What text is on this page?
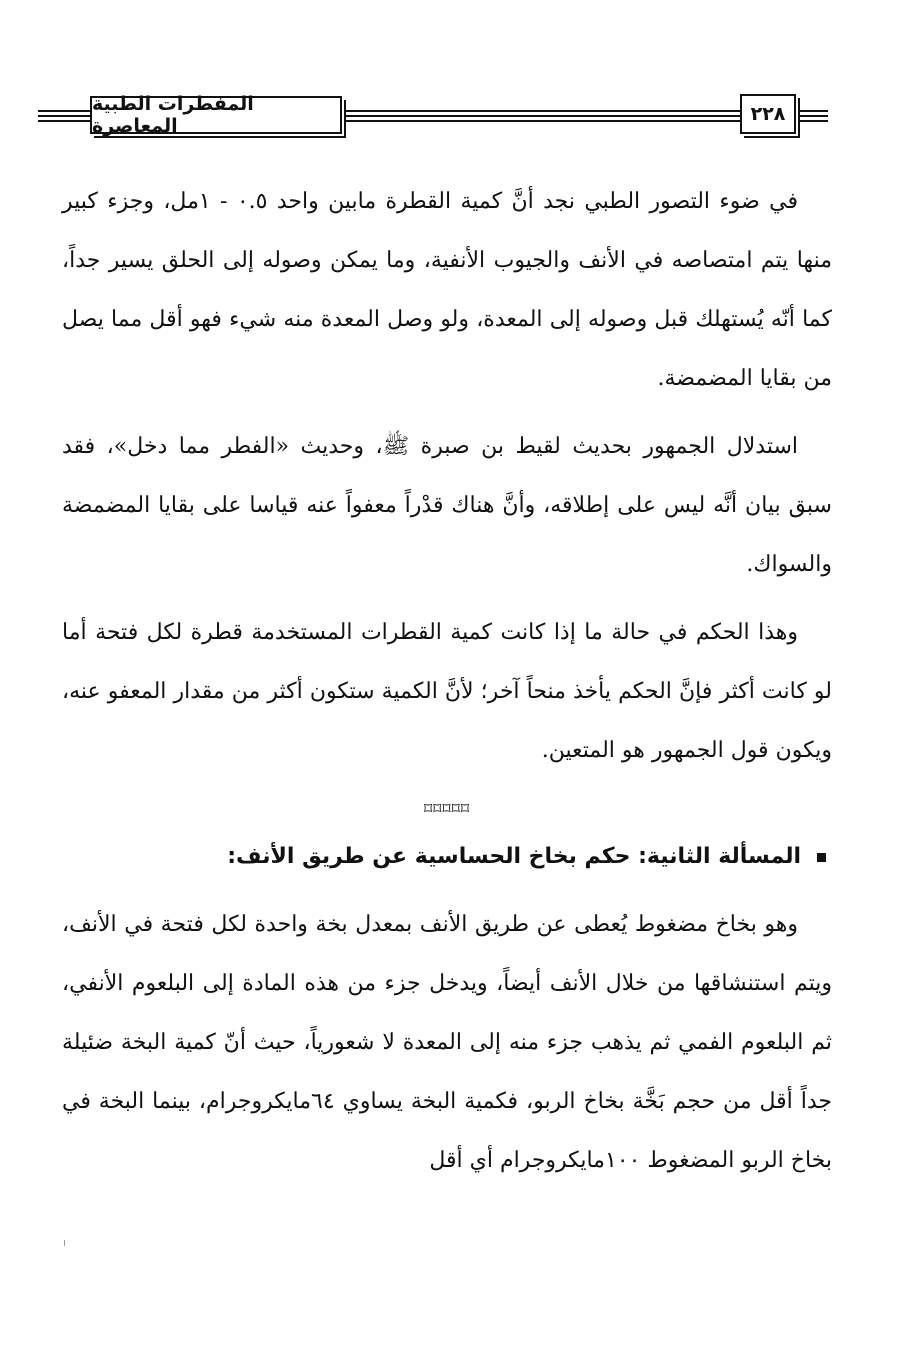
المفطرات الطبية المعاصرة
٢٢٨

في ضوء التصور الطبي نجد أنَّ كمية القطرة مابين واحد ٠.٥ - ١مل، وجزء كبير منها يتم امتصاصه في الأنف والجيوب الأنفية، وما يمكن وصوله إلى الحلق يسير جداً، كما أنّه يُستهلك قبل وصوله إلى المعدة، ولو وصل المعدة منه شيء فهو أقل مما يصل من بقايا المضمضة.

استدلال الجمهور بحديث لقيط بن صبرة ﷺ، وحديث «الفطر مما دخل»، فقد سبق بيان أنَّه ليس على إطلاقه، وأنَّ هناك قدْراً معفواً عنه قياسا على بقايا المضمضة والسواك.

وهذا الحكم في حالة ما إذا كانت كمية القطرات المستخدمة قطرة لكل فتحة أما لو كانت أكثر فإنَّ الحكم يأخذ منحاً آخر؛ لأنَّ الكمية ستكون أكثر من مقدار المعفو عنه، ويكون قول الجمهور هو المتعين.

⌑⌑⌑⌑⌑

المسألة الثانية: حكم بخاخ الحساسية عن طريق الأنف:

وهو بخاخ مضغوط يُعطى عن طريق الأنف بمعدل بخة واحدة لكل فتحة في الأنف، ويتم استنشاقها من خلال الأنف أيضاً، ويدخل جزء من هذه المادة إلى البلعوم الأنفي، ثم البلعوم الفمي ثم يذهب جزء منه إلى المعدة لا شعورياً، حيث أنّ كمية البخة ضئيلة جداً أقل من حجم بَخَّة بخاخ الربو، فكمية البخة يساوي ٦٤مايكروجرام، بينما البخة في بخاخ الربو المضغوط ١٠٠مايكروجرام أي أقل
